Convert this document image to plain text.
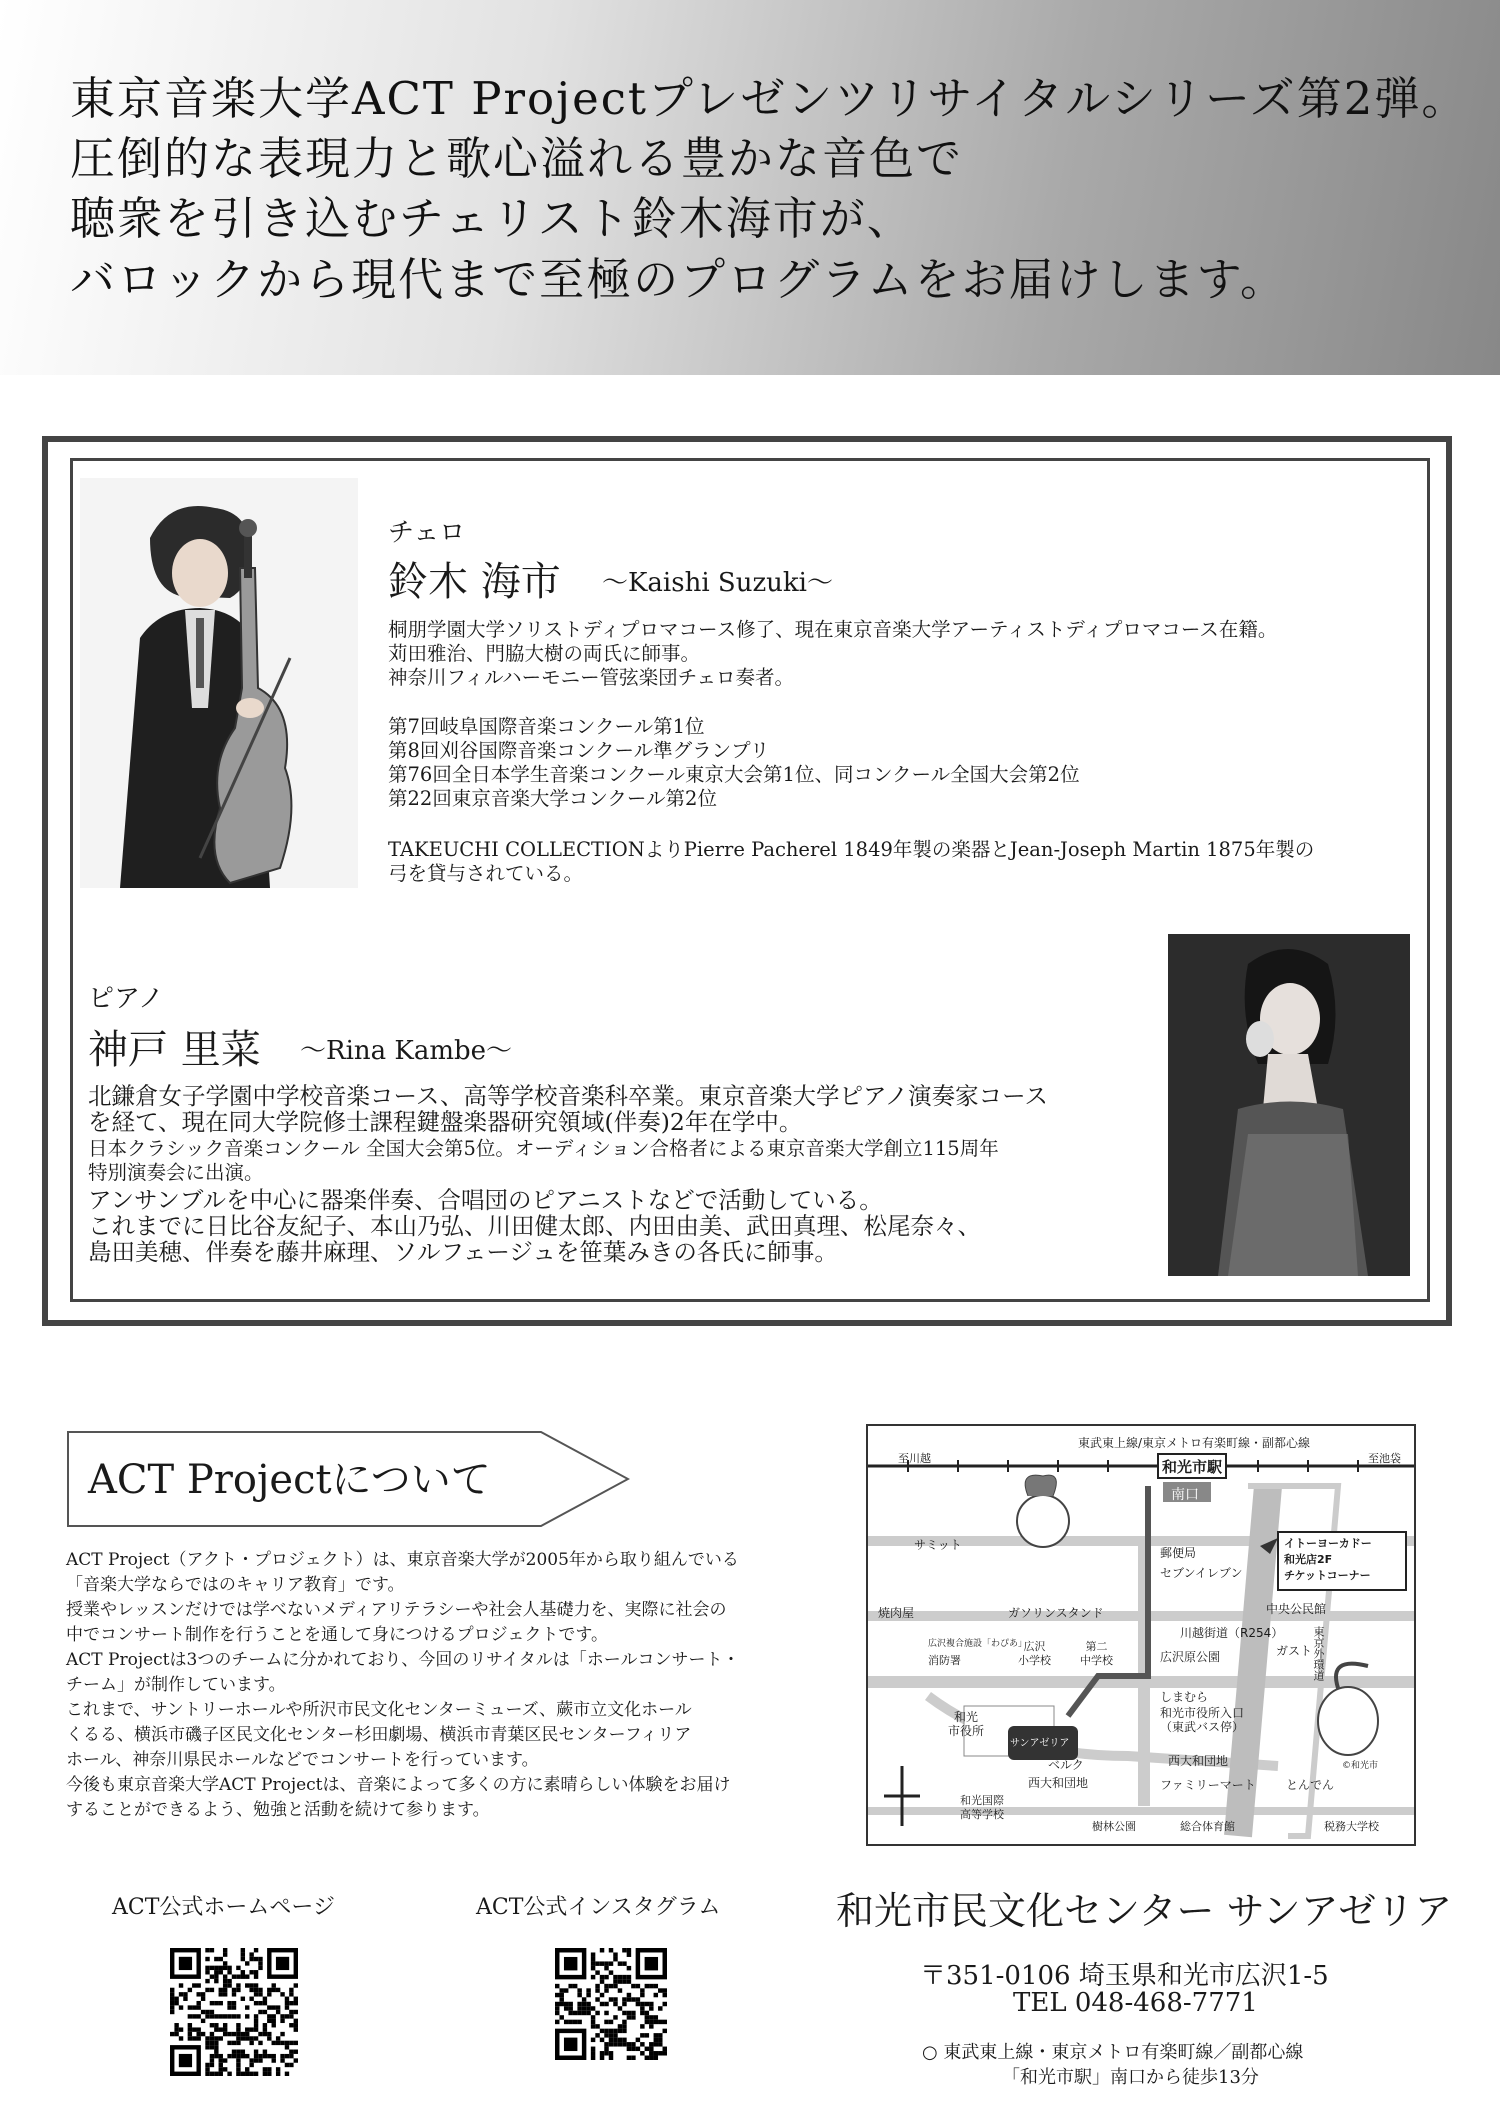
東京音楽大学ACT Projectプレゼンツリサイタルシリーズ第2弾。
圧倒的な表現力と歌心溢れる豊かな音色で
聴衆を引き込むチェリスト鈴木海市が、
バロックから現代まで至極のプログラムをお届けします。
チェロ
鈴木 海市 ～Kaishi Suzuki～
桐朋学園大学ソリストディプロマコース修了、現在東京音楽大学アーティストディプロマコース在籍。
苅田雅治、門脇大樹の両氏に師事。
神奈川フィルハーモニー管弦楽団チェロ奏者。
第7回岐阜国際音楽コンクール第1位
第8回刈谷国際音楽コンクール準グランプリ
第76回全日本学生音楽コンクール東京大会第1位、同コンクール全国大会第2位
第22回東京音楽大学コンクール第2位
TAKEUCHI COLLECTIONよりPierre Pacherel 1849年製の楽器とJean-Joseph Martin 1875年製の
弓を貸与されている。
ピアノ
神戸 里菜 ～Rina Kambe～
北鎌倉女子学園中学校音楽コース、高等学校音楽科卒業。東京音楽大学ピアノ演奏家コース
を経て、現在同大学院修士課程鍵盤楽器研究領域(伴奏)2年在学中。
日本クラシック音楽コンクール 全国大会第5位。オーディション合格者による東京音楽大学創立115周年
特別演奏会に出演。
アンサンブルを中心に器楽伴奏、合唱団のピアニストなどで活動している。
これまでに日比谷友紀子、本山乃弘、川田健太郎、内田由美、武田真理、松尾奈々、
島田美穂、伴奏を藤井麻理、ソルフェージュを笹葉みきの各氏に師事。
ACT Projectについて
ACT Project（アクト・プロジェクト）は、東京音楽大学が2005年から取り組んでいる
「音楽大学ならではのキャリア教育」です。
授業やレッスンだけでは学べないメディアリテラシーや社会人基礎力を、実際に社会の
中でコンサート制作を行うことを通して身につけるプロジェクトです。
ACT Projectは3つのチームに分かれており、今回のリサイタルは「ホールコンサート・
チーム」が制作しています。
これまで、サントリーホールや所沢市民文化センターミューズ、蕨市立文化ホール
くるる、横浜市磯子区民文化センター杉田劇場、横浜市青葉区民センターフィリア
ホール、神奈川県民ホールなどでコンサートを行っています。
今後も東京音楽大学ACT Projectは、音楽によって多くの方に素晴らしい体験をお届け
することができるよう、勉強と活動を続けて参ります。
ACT公式ホームページ	ACT公式インスタグラム
東武東上線/東京メトロ有楽町線・副都心線
至川越	至池袋
和光市駅
南口
サミット
郵便局
セブンイレブン
イトーヨーカドー
和光店2F
チケットコーナー
焼肉屋	ガソリンスタンド	中央公民館
川越街道（R254）
広沢複合施設「わぴあ」
消防署
広沢
小学校
第二
中学校	広沢原公園	ガスト
和光
市役所
サンアゼリア
しまむら
和光市役所入口
（東武バス停）
東京外環道
ベルク
西大和団地
西大和団地
ファミリーマート	とんでん
和光国際
高等学校
樹林公園	総合体育館	税務大学校
©和光市
和光市民文化センター サンアゼリア
〒351-0106 埼玉県和光市広沢1-5
TEL 048-468-7771
○ 東武東上線・東京メトロ有楽町線／副都心線
「和光市駅」南口から徒歩13分
